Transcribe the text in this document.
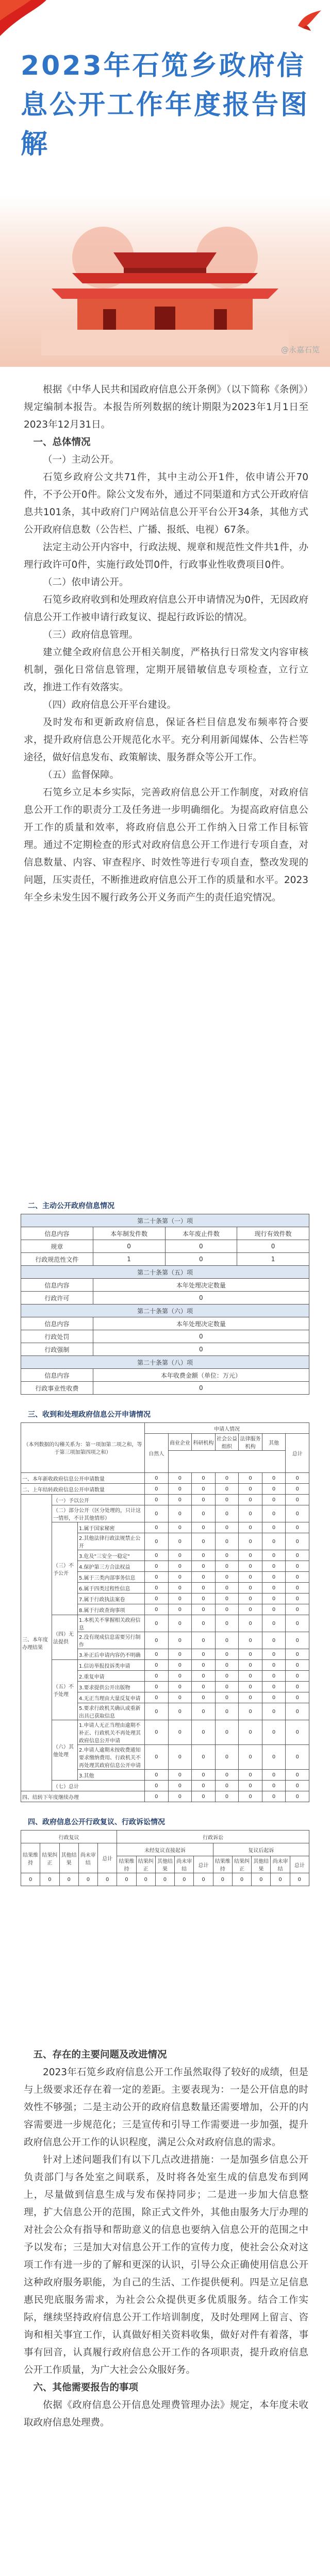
2023年石笕乡政府信息公开工作年度报告图解
@永嘉石笕

根据《中华人民共和国政府信息公开条例》（以下简称《条例》）规定编制本报告。本报告所列数据的统计期限为2023年1月1日至2023年12月31日。

一、总体情况
（一）主动公开。

石笕乡政府公文共71件，其中主动公开1件，依申请公开70件，不予公开0件。除公文发布外，通过不同渠道和方式公开政府信息共101条，其中政府门户网站信息公开平台公开34条，其他方式公开政府信息数（公告栏、广播、报纸、电视）67条。

法定主动公开内容中，行政法规、规章和规范性文件共1件，办理行政许可0件，实施行政处罚0件，行政事业性收费项目0件。

（二）依申请公开。

石笕乡政府收到和处理政府信息公开申请情况为0件，无因政府信息公开工作被申请行政复议、提起行政诉讼的情况。

（三）政府信息管理。

建立健全政府信息公开相关制度，严格执行日常发文内容审核机制，强化日常信息管理，定期开展错敏信息专项检查，立行立改，推进工作有效落实。

（四）政府信息公开平台建设。

及时发布和更新政府信息，保证各栏目信息发布频率符合要求，提升政府信息公开规范化水平。充分利用新闻媒体、公告栏等途径，做好信息发布、政策解读、服务群众等公开工作。

（五）监督保障。

石笕乡立足本乡实际，完善政府信息公开工作制度，对政府信息公开工作的职责分工及任务进一步明确细化。为提高政府信息公开工作的质量和效率，将政府信息公开工作纳入日常工作目标管理。通过不定期检查的形式对政府信息公开工作进行专项自查，对信息数量、内容、审查程序、时效性等进行专项自查，整改发现的问题，压实责任，不断推进政府信息公开工作的质量和水平。2023年全乡未发生因不履行政务公开义务而产生的责任追究情况。

二、主动公开政府信息情况
第二十条第（一）项			
信息内容	本年制发件数	本年废止件数	现行有效件数
规章	0	0	0
行政规范性文件	1	0	1
第二十条第（五）项			
信息内容	本年处理决定数量		
行政许可	0		
第二十条第（六）项			
信息内容	本年处理决定数量		
行政处罚	0		
行政强制	0		
第二十条第（八）项			
信息内容	本年收费金额（单位：万元）		
行政事业性收费	0		
三、收到和处理政府信息公开申请情况
（本列数据的勾稽关系为：第一项加第二项之和，等于第三项加第四项之和）			申请人情况						
			自然人	商业企业	科研机构	社会公益组织	法律服务机构	其他	总计

一、本年新收政府信息公开申请数量			0	0	0	0	0	0	0
二、上年结转政府信息公开申请数量			0	0	0	0	0	0	0
三、本年度办理结果	（一）予以公开		0	0	0	0	0	0	0
	（二）部分公开（区分处理的，只计这一情形，不计其他情形）		0	0	0	0	0	0	0
	（三）不予公开	1.属于国家秘密	0	0	0	0	0	0	0
		2.其他法律行政法规禁止公开	0	0	0	0	0	0	0
		3.危及"三安全一稳定"	0	0	0	0	0	0	0
		4.保护第三方合法权益	0	0	0	0	0	0	0
		5.属于三类内部事务信息	0	0	0	0	0	0	0
		6.属于四类过程性信息	0	0	0	0	0	0	0
		7.属于行政执法案卷	0	0	0	0	0	0	0
		8.属于行政查询事项	0	0	0	0	0	0	0
	（四）无法提供	1.本机关不掌握相关政府信息	0	0	0	0	0	0	0
		2.没有现成信息需要另行制作	0	0	0	0	0	0	0
		3.补正后申请内容仍不明确	0	0	0	0	0	0	0
	（五）不予处理	1.信访举报投诉类申请	0	0	0	0	0	0	0
		2.重复申请	0	0	0	0	0	0	0
		3.要求提供公开出版物	0	0	0	0	0	0	0
		4.无正当理由大量反复申请	0	0	0	0	0	0	0
		5.要求行政机关确认或重新出具已获取信息	0	0	0	0	0	0	0
	（六）其他处理	1.申请人无正当理由逾期不补正、行政机关不再处理其政府信息公开申请	0	0	0	0	0	0	0
		2.申请人逾期未按收费通知要求缴纳费用、行政机关不再处理其政府信息公开申请	0	0	0	0	0	0	0
		3.其他	0	0	0	0	0	0	0
	（七）总计		0	0	0	0	0	0	0
四、结转下年度继续办理			0	0	0	0	0	0	0
四、政府信息公开行政复议、行政诉讼情况
行政复议					行政诉讼									
结果维持	结果纠正	其他结果	尚未审结	总计	未经复议直接起诉					复议后起诉				
					结果维持	结果纠正	其他结果	尚未审结	总计	结果维持	结果纠正	其他结果	尚未审结	总计
0	0	0	0	0	0	0	0	0	0	0	0	0	0	0
五、存在的主要问题及改进情况

2023年石笕乡政府信息公开工作虽然取得了较好的成绩，但是与上级要求还存在着一定的差距。主要表现为：一是公开信息的时效性不够强；二是主动公开的政府信息数量还需要增加，公开的内容需要进一步规范化；三是宣传和引导工作需要进一步加强，提升政府信息公开工作的认识程度，满足公众对政府信息的需求。

针对上述问题我们有以下几点改进措施：一是加强乡信息公开负责部门与各处室之间联系，及时将各处室生成的信息发布到网上，尽量做到信息生成与发布保持同步；二是进一步加大信息整理，扩大信息公开的范围，除正式文件外，其他由服务大厅办理的对社会公众有指导和帮助意义的信息也要纳入信息公开的范围之中予以发布；三是加大对信息公开工作的宣传力度，使社会公众对这项工作有进一步的了解和更深的认识，引导公众正确使用信息公开这种政府服务职能，为自己的生活、工作提供便利。四是立足信息惠民兜底服务需求，为社会公众提供更多优质服务。结合工作实际，继续坚持政府信息公开工作培训制度，及时处理网上留言、咨询和相关事宜工作，认真做好相关资料收集，做好对件有着落，事事有回音，认真履行政府信息公开工作的各项职责，提升政府信息公开工作质量，为广大社会公众服好务。

六、其他需要报告的事项

依据《政府信息公开信息处理费管理办法》规定，本年度未收取政府信息处理费。
